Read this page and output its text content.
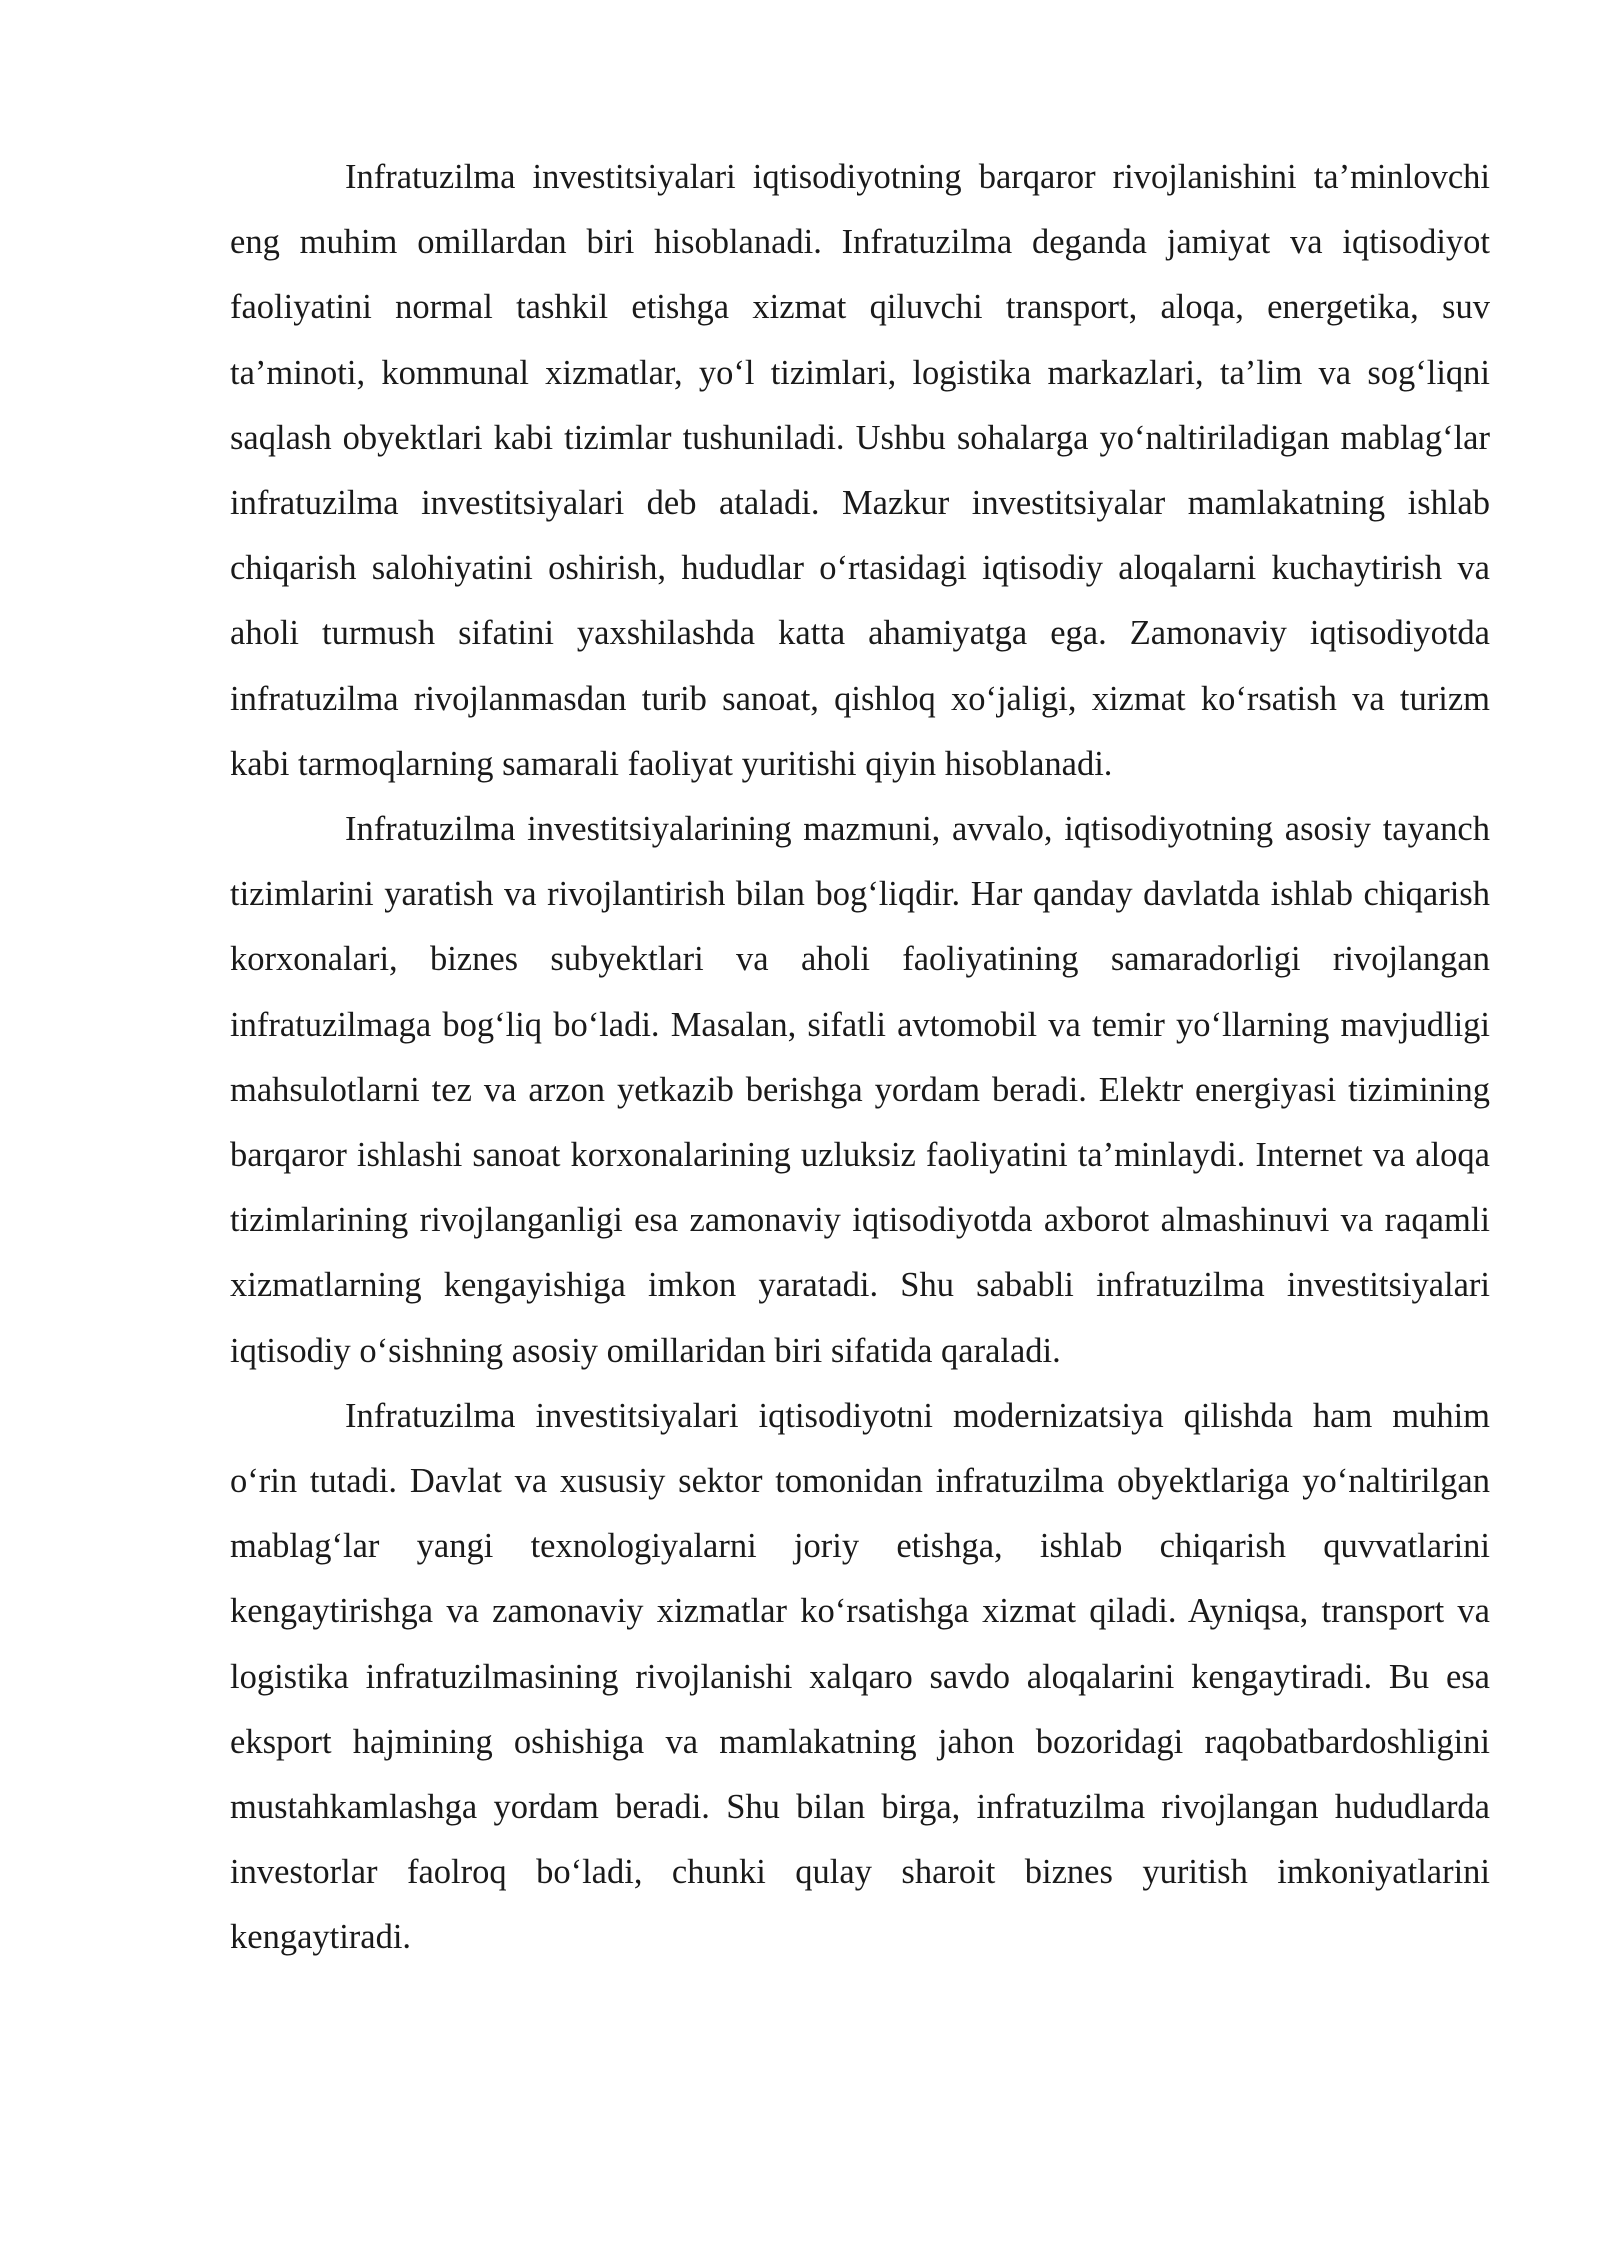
Infratuzilma investitsiyalari iqtisodiyotning barqaror rivojlanishini ta’minlovchi eng muhim omillardan biri hisoblanadi. Infratuzilma deganda jamiyat va iqtisodiyot faoliyatini normal tashkil etishga xizmat qiluvchi transport, aloqa, energetika, suv ta’minoti, kommunal xizmatlar, yo‘l tizimlari, logistika markazlari, ta’lim va sog‘liqni saqlash obyektlari kabi tizimlar tushuniladi. Ushbu sohalarga yo‘naltiriladigan mablag‘lar infratuzilma investitsiyalari deb ataladi. Mazkur investitsiyalar mamlakatning ishlab chiqarish salohiyatini oshirish, hududlar o‘rtasidagi iqtisodiy aloqalarni kuchaytirish va aholi turmush sifatini yaxshilashda katta ahamiyatga ega. Zamonaviy iqtisodiyotda infratuzilma rivojlanmasdan turib sanoat, qishloq xo‘jaligi, xizmat ko‘rsatish va turizm kabi tarmoqlarning samarali faoliyat yuritishi qiyin hisoblanadi.

Infratuzilma investitsiyalarining mazmuni, avvalo, iqtisodiyotning asosiy tayanch tizimlarini yaratish va rivojlantirish bilan bog‘liqdir. Har qanday davlatda ishlab chiqarish korxonalari, biznes subyektlari va aholi faoliyatining samaradorligi rivojlangan infratuzilmaga bog‘liq bo‘ladi. Masalan, sifatli avtomobil va temir yo‘llarning mavjudligi mahsulotlarni tez va arzon yetkazib berishga yordam beradi. Elektr energiyasi tizimining barqaror ishlashi sanoat korxonalarining uzluksiz faoliyatini ta’minlaydi. Internet va aloqa tizimlarining rivojlanganligi esa zamonaviy iqtisodiyotda axborot almashinuvi va raqamli xizmatlarning kengayishiga imkon yaratadi. Shu sababli infratuzilma investitsiyalari iqtisodiy o‘sishning asosiy omillaridan biri sifatida qaraladi.

Infratuzilma investitsiyalari iqtisodiyotni modernizatsiya qilishda ham muhim o‘rin tutadi. Davlat va xususiy sektor tomonidan infratuzilma obyektlariga yo‘naltirilgan mablag‘lar yangi texnologiyalarni joriy etishga, ishlab chiqarish quvvatlarini kengaytirishga va zamonaviy xizmatlar ko‘rsatishga xizmat qiladi. Ayniqsa, transport va logistika infratuzilmasining rivojlanishi xalqaro savdo aloqalarini kengaytiradi. Bu esa eksport hajmining oshishiga va mamlakatning jahon bozoridagi raqobatbardoshligini mustahkamlashga yordam beradi. Shu bilan birga, infratuzilma rivojlangan hududlarda investorlar faolroq bo‘ladi, chunki qulay sharoit biznes yuritish imkoniyatlarini kengaytiradi.
